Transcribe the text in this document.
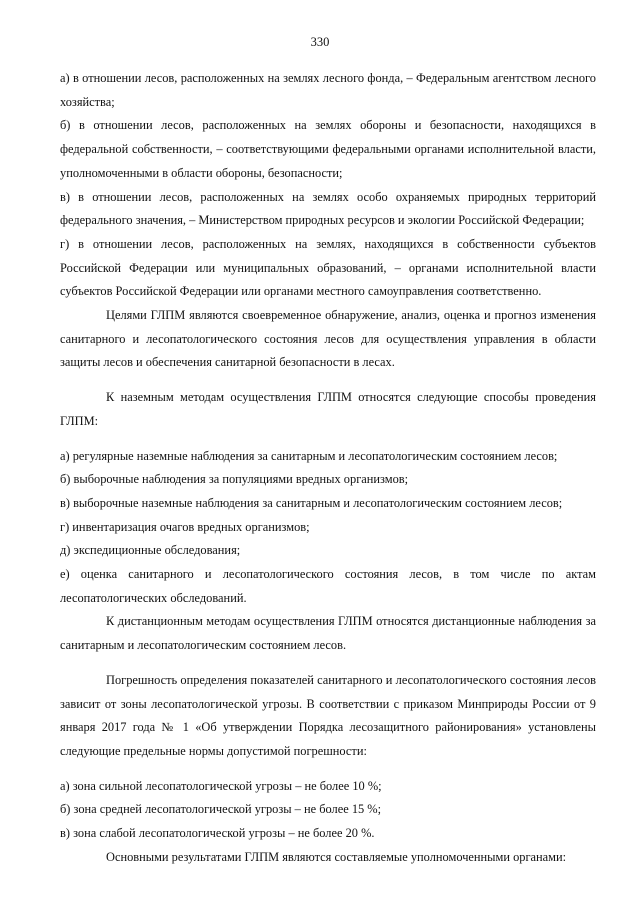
330

а) в отношении лесов, расположенных на землях лесного фонда, – Федеральным агентством лесного хозяйства;

б) в отношении лесов, расположенных на землях обороны и безопасности, находящихся в федеральной собственности, – соответствующими федеральными органами исполнительной власти, уполномоченными в области обороны, безопасности;

в) в отношении лесов, расположенных на землях особо охраняемых природных территорий федерального значения, – Министерством природных ресурсов и экологии Российской Федерации;

г) в отношении лесов, расположенных на землях, находящихся в собственности субъектов Российской Федерации или муниципальных образований, – органами исполнительной власти субъектов Российской Федерации или органами местного самоуправления соответственно.

Целями ГЛПМ являются своевременное обнаружение, анализ, оценка и прогноз изменения санитарного и лесопатологического состояния лесов для осуществления управления в области защиты лесов и обеспечения санитарной безопасности в лесах.

К наземным методам осуществления ГЛПМ относятся следующие способы проведения ГЛПМ:

а) регулярные наземные наблюдения за санитарным и лесопатологическим состоянием лесов;

б) выборочные наблюдения за популяциями вредных организмов;

в) выборочные наземные наблюдения за санитарным и лесопатологическим состоянием лесов;

г) инвентаризация очагов вредных организмов;

д) экспедиционные обследования;

е) оценка санитарного и лесопатологического состояния лесов, в том числе по актам лесопатологических обследований.

К дистанционным методам осуществления ГЛПМ относятся дистанционные наблюдения за санитарным и лесопатологическим состоянием лесов.

Погрешность определения показателей санитарного и лесопатологического состояния лесов зависит от зоны лесопатологической угрозы. В соответствии с приказом Минприроды России от 9 января 2017 года № 1 «Об утверждении Порядка лесозащитного районирования» установлены следующие предельные нормы допустимой погрешности:

а) зона сильной лесопатологической угрозы – не более 10 %;

б) зона средней лесопатологической угрозы – не более 15 %;

в) зона слабой лесопатологической угрозы – не более 20 %.

Основными результатами ГЛПМ являются составляемые уполномоченными органами:
